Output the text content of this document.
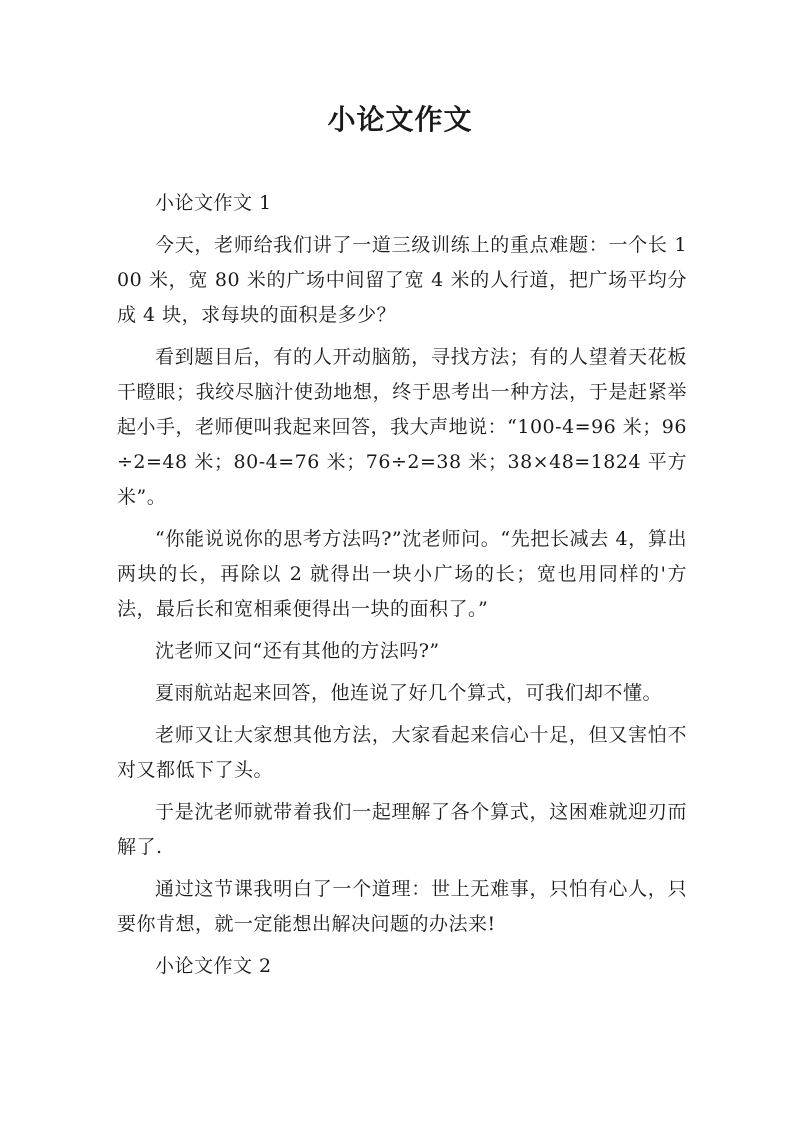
小论文作文

小论文作文 1

今天，老师给我们讲了一道三级训练上的重点难题：一个长 100 米，宽 80 米的广场中间留了宽 4 米的人行道，把广场平均分成 4 块，求每块的面积是多少？

看到题目后，有的人开动脑筋，寻找方法；有的人望着天花板干瞪眼；我绞尽脑汁使劲地想，终于思考出一种方法，于是赶紧举起小手，老师便叫我起来回答，我大声地说：“100-4=96 米；96÷2=48 米；80-4=76 米；76÷2=38 米；38×48=1824 平方米”。

“你能说说你的思考方法吗?”沈老师问。“先把长减去 4，算出两块的长，再除以 2 就得出一块小广场的长；宽也用同样的'方法，最后长和宽相乘便得出一块的面积了。”

沈老师又问“还有其他的方法吗?”

夏雨航站起来回答，他连说了好几个算式，可我们却不懂。

老师又让大家想其他方法，大家看起来信心十足，但又害怕不对又都低下了头。

于是沈老师就带着我们一起理解了各个算式，这困难就迎刃而解了.

通过这节课我明白了一个道理：世上无难事，只怕有心人，只要你肯想，就一定能想出解决问题的办法来!

小论文作文 2
